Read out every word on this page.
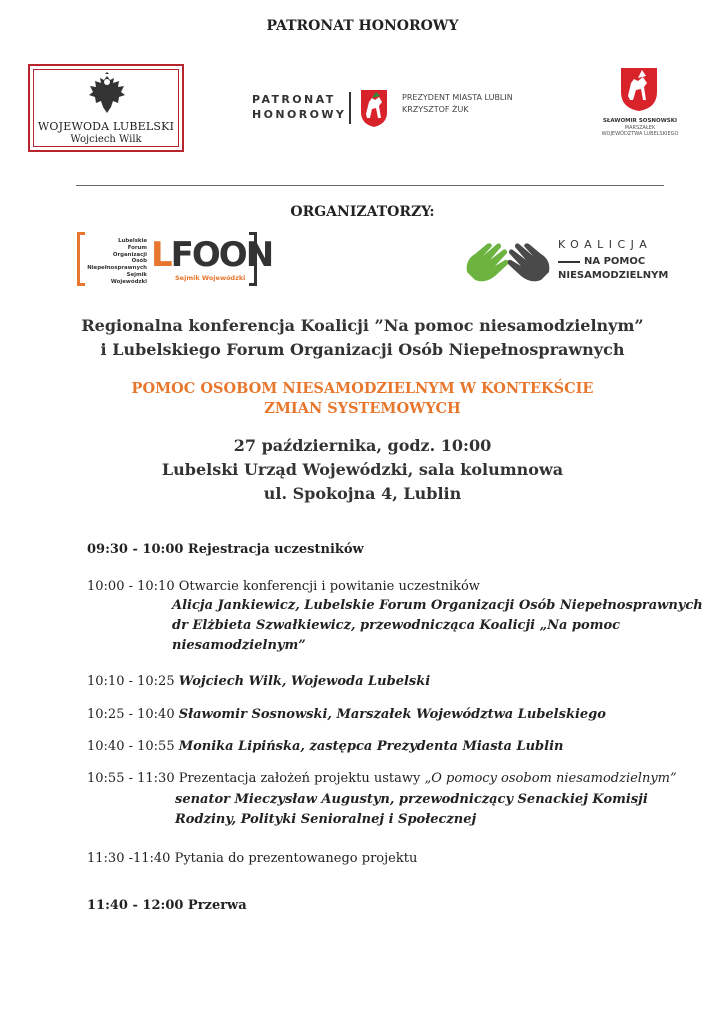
PATRONAT HONOROWY
WOJEWODA LUBELSKI
Wojciech Wilk
PATRONAT
HONOROWY
PREZYDENT MIASTA LUBLIN
KRZYSZTOF ŻUK
SŁAWOMIR SOSNOWSKI
MARSZAŁEK
WOJEWÓDZTWA LUBELSKIEGO
ORGANIZATORZY:
Lubelskie
Forum
Organizacji
Osób
Niepełnosprawnych
Sejmik
Wojewódzki
LFOON
Sejmik Wojewódzki
KOALICJA
NA POMOC
NIESAMODZIELNYM
Regionalna konferencja Koalicji ”Na pomoc niesamodzielnym”
i Lubelskiego Forum Organizacji Osób Niepełnosprawnych
POMOC OSOBOM NIESAMODZIELNYM W KONTEKŚCIE
ZMIAN SYSTEMOWYCH
27 października, godz. 10:00
Lubelski Urząd Wojewódzki, sala kolumnowa
ul. Spokojna 4, Lublin
09:30 - 10:00 Rejestracja uczestników
10:00 - 10:10 Otwarcie konferencji i powitanie uczestników
Alicja Jankiewicz, Lubelskie Forum Organizacji Osób Niepełnosprawnych
dr Elżbieta Szwałkiewicz, przewodnicząca Koalicji „Na pomoc
niesamodzielnym”
10:10 - 10:25 Wojciech Wilk, Wojewoda Lubelski
10:25 - 10:40 Sławomir Sosnowski, Marszałek Województwa Lubelskiego
10:40 - 10:55 Monika Lipińska, zastępca Prezydenta Miasta Lublin
10:55 - 11:30 Prezentacja założeń projektu ustawy „O pomocy osobom niesamodzielnym”
senator Mieczysław Augustyn, przewodniczący Senackiej Komisji
Rodziny, Polityki Senioralnej i Społecznej
11:30 -11:40 Pytania do prezentowanego projektu
11:40 - 12:00 Przerwa
